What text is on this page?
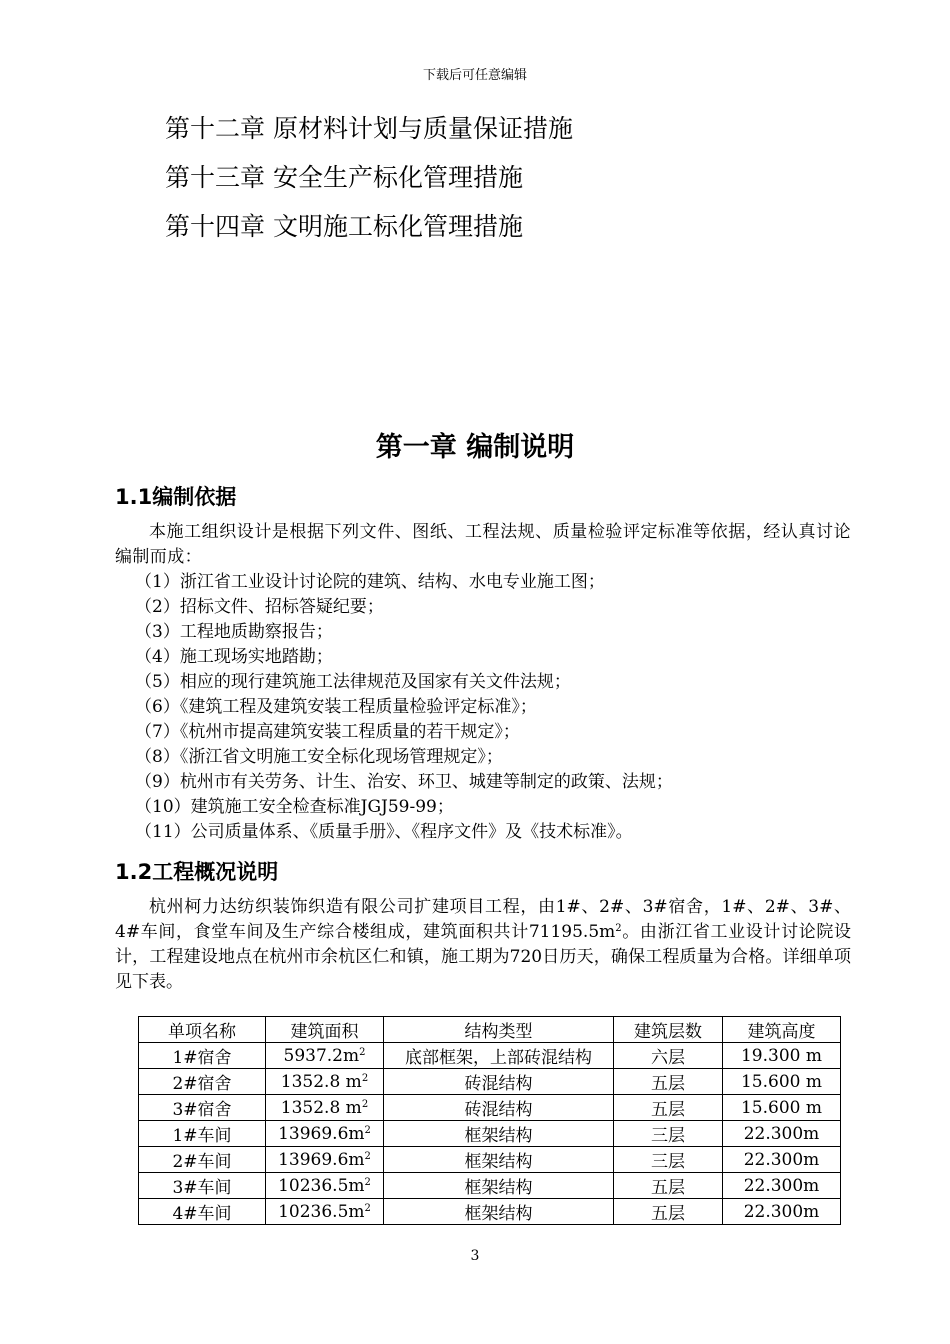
下载后可任意编辑
第十二章 原材料计划与质量保证措施
第十三章 安全生产标化管理措施
第十四章 文明施工标化管理措施
第一章 编制说明
1.1编制依据
本施工组织设计是根据下列文件、图纸、工程法规、质量检验评定标准等依据，经认真讨论编制而成：
（1）浙江省工业设计讨论院的建筑、结构、水电专业施工图；
（2）招标文件、招标答疑纪要；
（3）工程地质勘察报告；
（4）施工现场实地踏勘；
（5）相应的现行建筑施工法律规范及国家有关文件法规；
（6）《建筑工程及建筑安装工程质量检验评定标准》；
（7）《杭州市提高建筑安装工程质量的若干规定》；
（8）《浙江省文明施工安全标化现场管理规定》；
（9）杭州市有关劳务、计生、治安、环卫、城建等制定的政策、法规；
（10）建筑施工安全检查标准JGJ59-99；
（11）公司质量体系、《质量手册》、《程序文件》及《技术标准》。
1.2工程概况说明
杭州柯力达纺织装饰织造有限公司扩建项目工程，由1#、2#、3#宿舍，1#、2#、3#、4#车间，食堂车间及生产综合楼组成，建筑面积共计$71195.5m^2$。由浙江省工业设计讨论院设计，工程建设地点在杭州市余杭区仁和镇，施工期为720日历天，确保工程质量为合格。详细单项见下表。
单项名称	建筑面积	结构类型	建筑层数	建筑高度
1#宿舍	$5937.2m^2$	底部框架，上部砖混结构	六层	19.300 m
2#宿舍	1352.8 $m^2$	砖混结构	五层	15.600 m
3#宿舍	1352.8 $m^2$	砖混结构	五层	15.600 m
1#车间	$13969.6m^2$	框架结构	三层	22.300m
2#车间	$13969.6m^2$	框架结构	三层	22.300m
3#车间	$10236.5m^2$	框架结构	五层	22.300m
4#车间	$10236.5m^2$	框架结构	五层	22.300m
3
